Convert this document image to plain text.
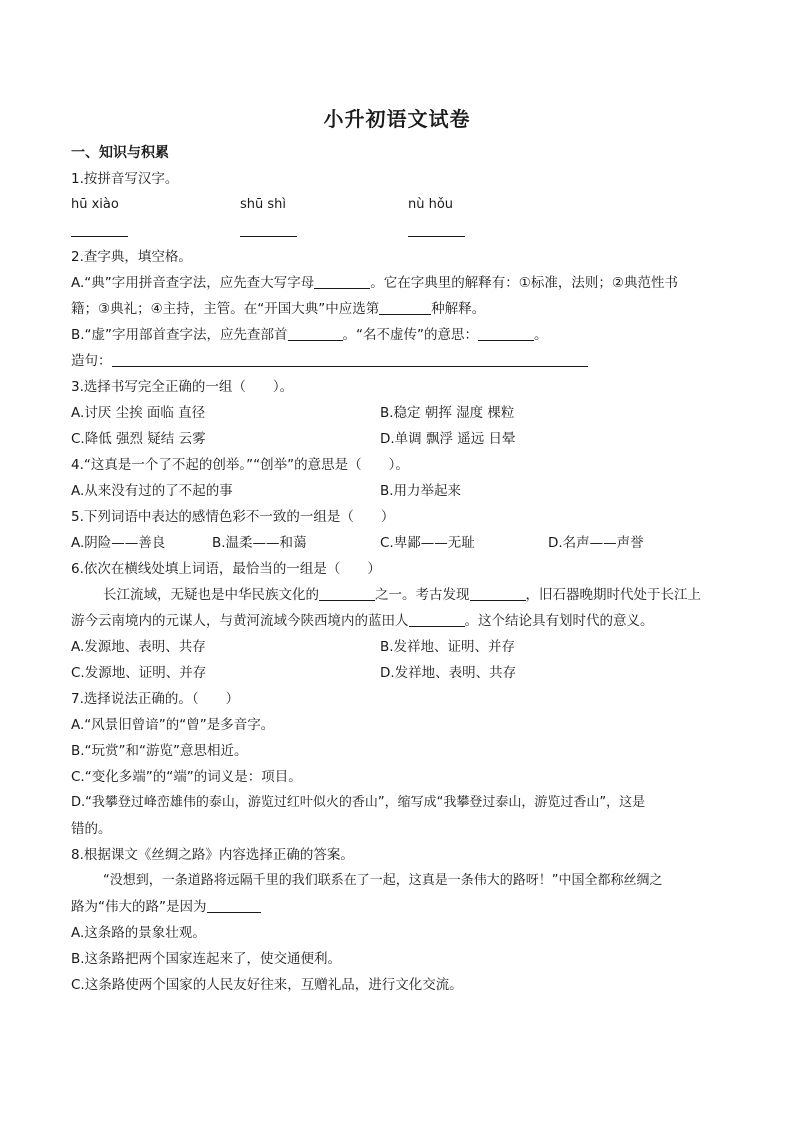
小升初语文试卷
一、知识与积累
1.按拼音写汉字。
hū xiào	shū shì	nù hǒu
2.查字典，填空格。
A.“典”字用拼音查字法，应先查大写字母	。它在字典里的解释有：①标准，法则；②典范性书
籍；③典礼；④主持，主管。在“开国大典”中应选第	种解释。
B.“虚”字用部首查字法，应先查部首	。“名不虚传”的意思：	。
造句：
3.选择书写完全正确的一组（　　）。
A.讨厌 尘挨 面临 直径	B.稳定 朝挥 湿度 棵粒
C.降低 强烈 疑结 云雾	D.单调 飘浮 遥远 日晕
4.“这真是一个了不起的创举。”“创举”的意思是（　　）。
A.从来没有过的了不起的事	B.用力举起来
5.下列词语中表达的感情色彩不一致的一组是（　　）
A.阴险——善良	B.温柔——和蔼	C.卑鄙——无耻	D.名声——声誉
6.依次在横线处填上词语，最恰当的一组是（　　）
长江流域，无疑也是中华民族文化的	之一。考古发现	，旧石器晚期时代处于长江上
游今云南境内的元谋人，与黄河流域今陕西境内的蓝田人	。这个结论具有划时代的意义。
A.发源地、表明、共存	B.发祥地、证明、并存
C.发源地、证明、并存	D.发祥地、表明、共存
7.选择说法正确的。（　　）
A.“风景旧曾谙”的“曾”是多音字。
B.“玩赏”和“游览”意思相近。
C.“变化多端”的“端”的词义是：项目。
D.“我攀登过峰峦雄伟的泰山，游览过红叶似火的香山”，缩写成“我攀登过泰山，游览过香山”，这是
错的。
8.根据课文《丝绸之路》内容选择正确的答案。
“没想到，一条道路将远隔千里的我们联系在了一起，这真是一条伟大的路呀！”中国全都称丝绸之
路为“伟大的路”是因为
A.这条路的景象壮观。
B.这条路把两个国家连起来了，使交通便利。
C.这条路使两个国家的人民友好往来，互赠礼品，进行文化交流。
